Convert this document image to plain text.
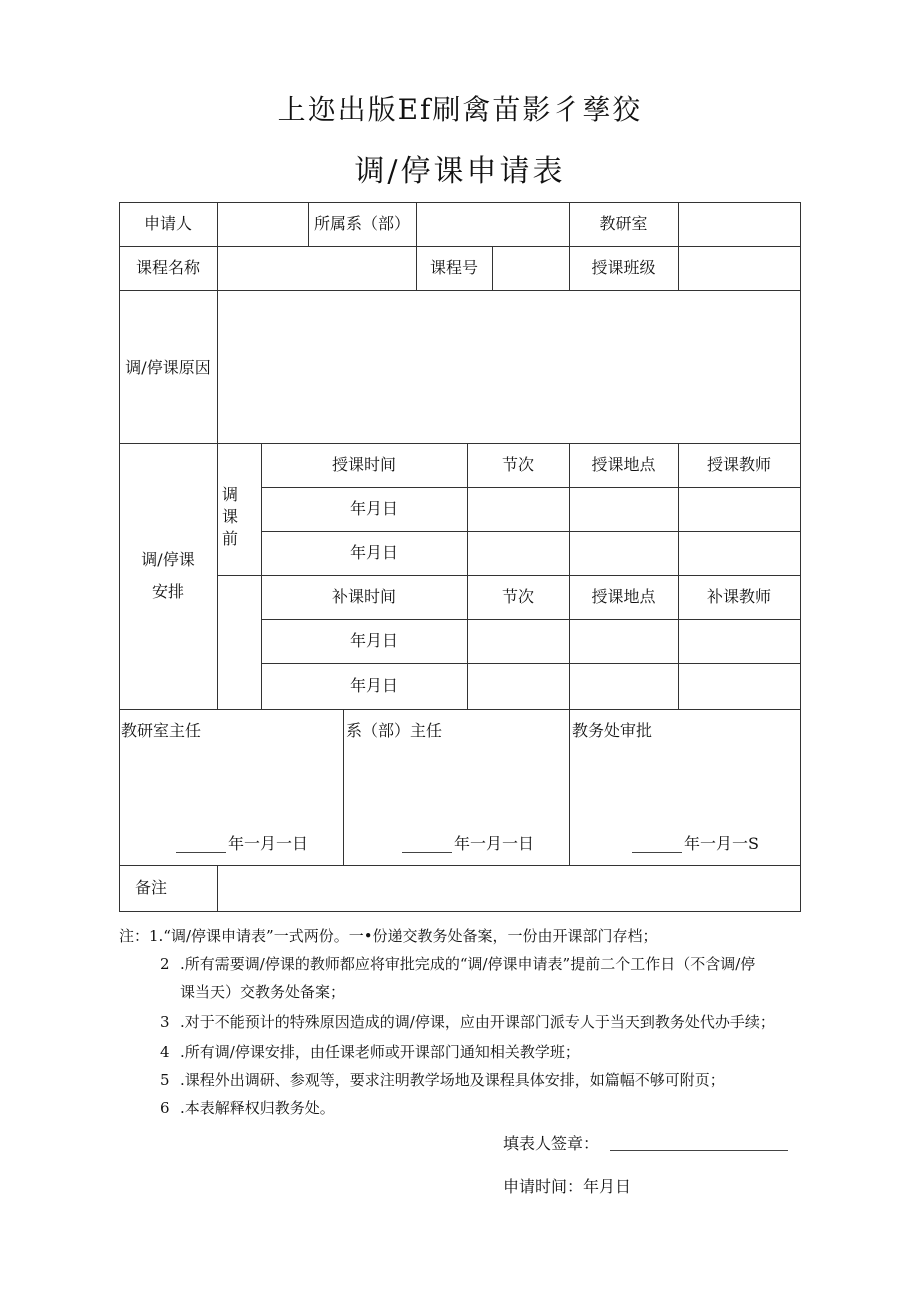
上迩出版Ef刷禽苗影彳孳狡
调/停课申请表
申请人	所属系（部）	教研室
课程名称	课程号	授课班级
调/停课原因
调/停课
安排
调
课
前
授课时间	节次	授课地点	授课教师
年月日
年月日
补课时间	节次	授课地点	补课教师
年月日
年月日
教研室主任	系（部）主任	教务处审批
年一月一日	年一月一日	年一月一S
备注
注：1.“调/停课申请表”一式两份。一•份递交教务处备案，一份由开课部门存档；
2 .所有需要调/停课的教师都应将审批完成的“调/停课申请表”提前二个工作日（不含调/停
课当天）交教务处备案；
3 .对于不能预计的特殊原因造成的调/停课，应由开课部门派专人于当天到教务处代办手续；
4 .所有调/停课安排，由任课老师或开课部门通知相关教学班；
5 .课程外出调研、参观等，要求注明教学场地及课程具体安排，如篇幅不够可附页；
6 .本表解释权归教务处。
填表人签章：
申请时间：年月日
